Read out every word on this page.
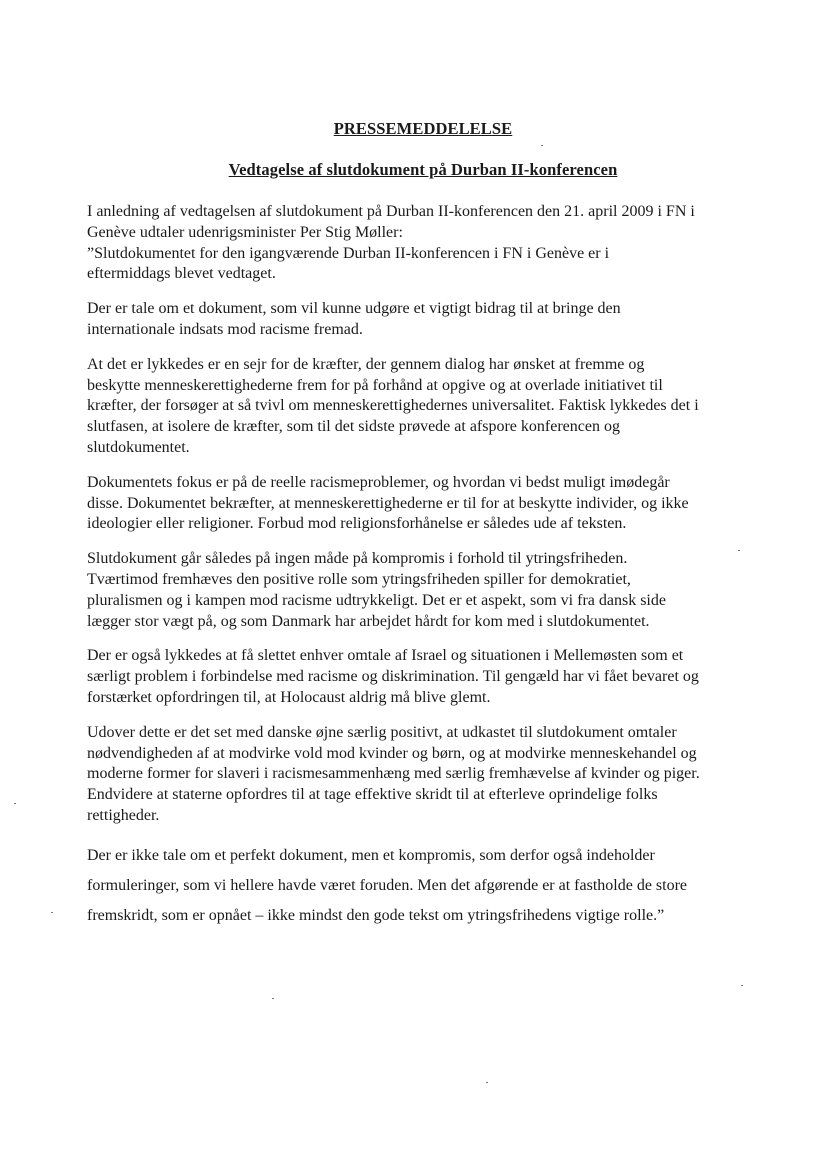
PRESSEMEDDELELSE
Vedtagelse af slutdokument på Durban II-konferencen

I anledning af vedtagelsen af slutdokument på Durban II-konferencen den 21. april 2009 i FN i
Genève udtaler udenrigsminister Per Stig Møller:
”Slutdokumentet for den igangværende Durban II-konferencen i FN i Genève er i
eftermiddags blevet vedtaget.

Der er tale om et dokument, som vil kunne udgøre et vigtigt bidrag til at bringe den
internationale indsats mod racisme fremad.

At det er lykkedes er en sejr for de kræfter, der gennem dialog har ønsket at fremme og
beskytte menneskerettighederne frem for på forhånd at opgive og at overlade initiativet til
kræfter, der forsøger at så tvivl om menneskerettighedernes universalitet. Faktisk lykkedes det i
slutfasen, at isolere de kræfter, som til det sidste prøvede at afspore konferencen og
slutdokumentet.

Dokumentets fokus er på de reelle racismeproblemer, og hvordan vi bedst muligt imødegår
disse. Dokumentet bekræfter, at menneskerettighederne er til for at beskytte individer, og ikke
ideologier eller religioner. Forbud mod religionsforhånelse er således ude af teksten.

Slutdokument går således på ingen måde på kompromis i forhold til ytringsfriheden.
Tværtimod fremhæves den positive rolle som ytringsfriheden spiller for demokratiet,
pluralismen og i kampen mod racisme udtrykkeligt. Det er et aspekt, som vi fra dansk side
lægger stor vægt på, og som Danmark har arbejdet hårdt for kom med i slutdokumentet.

Der er også lykkedes at få slettet enhver omtale af Israel og situationen i Mellemøsten som et
særligt problem i forbindelse med racisme og diskrimination. Til gengæld har vi fået bevaret og
forstærket opfordringen til, at Holocaust aldrig må blive glemt.

Udover dette er det set med danske øjne særlig positivt, at udkastet til slutdokument omtaler
nødvendigheden af at modvirke vold mod kvinder og børn, og at modvirke menneskehandel og
moderne former for slaveri i racismesammenhæng med særlig fremhævelse af kvinder og piger.
Endvidere at staterne opfordres til at tage effektive skridt til at efterleve oprindelige folks
rettigheder.

Der er ikke tale om et perfekt dokument, men et kompromis, som derfor også indeholder
formuleringer, som vi hellere havde været foruden. Men det afgørende er at fastholde de store
fremskridt, som er opnået – ikke mindst den gode tekst om ytringsfrihedens vigtige rolle.”
